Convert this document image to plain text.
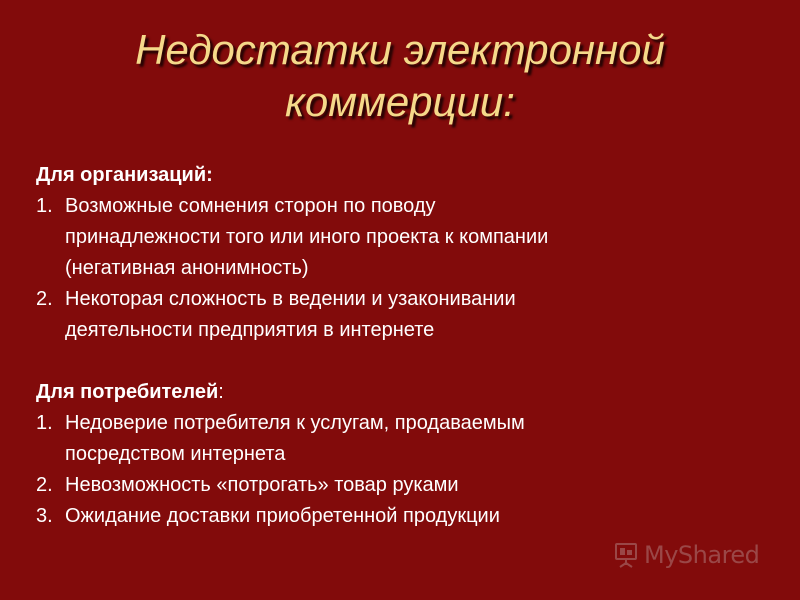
Недостатки электронной коммерции:

Для организаций:

1. Возможные сомнения сторон по поводу
принадлежности того или иного проекта к компании
(негативная анонимность)
2. Некоторая сложность в ведении и узаконивании
деятельности предприятия в интернете

Для потребителей:

1. Недоверие потребителя к услугам, продаваемым
посредством интернета
2. Невозможность «потрогать» товар руками
3. Ожидание доставки приобретенной продукции
MyShared
